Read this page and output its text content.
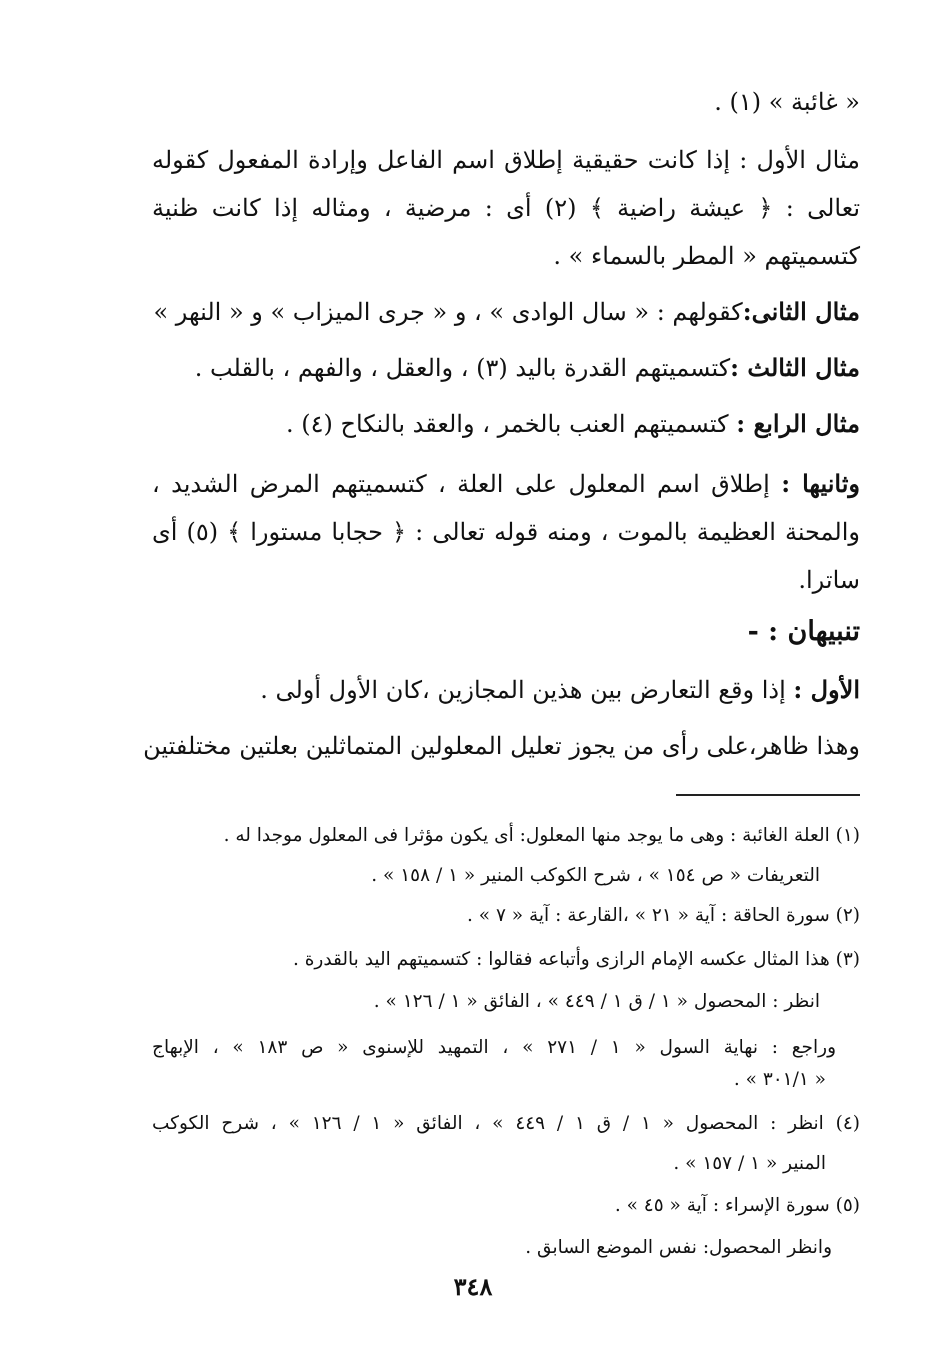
« غائبة » (١) .
مثال الأول : إذا كانت حقيقية إطلاق اسم الفاعل وإرادة المفعول كقوله
تعالى : ﴿ عيشة راضية ﴾ (٢) أى : مرضية ، ومثاله إذا كانت ظنية
كتسميتهم « المطر بالسماء » .
مثال الثانى:كقولهم : « سال الوادى » ، و « جرى الميزاب » و « النهر »
مثال الثالث :كتسميتهم القدرة باليد (٣) ، والعقل ، والفهم ، بالقلب .
مثال الرابع : كتسميتهم العنب بالخمر ، والعقد بالنكاح (٤) .
وثانيها : إطلاق اسم المعلول على العلة ، كتسميتهم المرض الشديد ،
والمحنة العظيمة بالموت ، ومنه قوله تعالى : ﴿ حجابا مستورا ﴾ (٥) أى
ساترا.
تنبيهان : -
الأول : إذا وقع التعارض بين هذين المجازين ،كان الأول أولى .
وهذا ظاهر،على رأى من يجوز تعليل المعلولين المتماثلين بعلتين مختلفتين
(١) العلة الغائبة : وهى ما يوجد منها المعلول: أى يكون مؤثرا فى المعلول موجدا له .
التعريفات « ص ١٥٤ » ، شرح الكوكب المنير « ١ / ١٥٨ » .
(٢) سورة الحاقة : آية « ٢١ » ،القارعة : آية « ٧ » .
(٣) هذا المثال عكسه الإمام الرازى وأتباعه فقالوا : كتسميتهم اليد بالقدرة .
انظر : المحصول « ١ / ق ١ / ٤٤٩ » ، الفائق « ١ / ١٢٦ » .
وراجع : نهاية السول « ١ / ٢٧١ » ، التمهيد للإسنوى « ص ١٨٣ » ، الإبهاج
« ٣٠١/١ » .
(٤) انظر : المحصول « ١ / ق ١ / ٤٤٩ » ، الفائق « ١ / ١٢٦ » ، شرح الكوكب
المنير « ١ / ١٥٧ » .
(٥) سورة الإسراء : آية « ٤٥ » .
وانظر المحصول: نفس الموضع السابق .
٣٤٨
